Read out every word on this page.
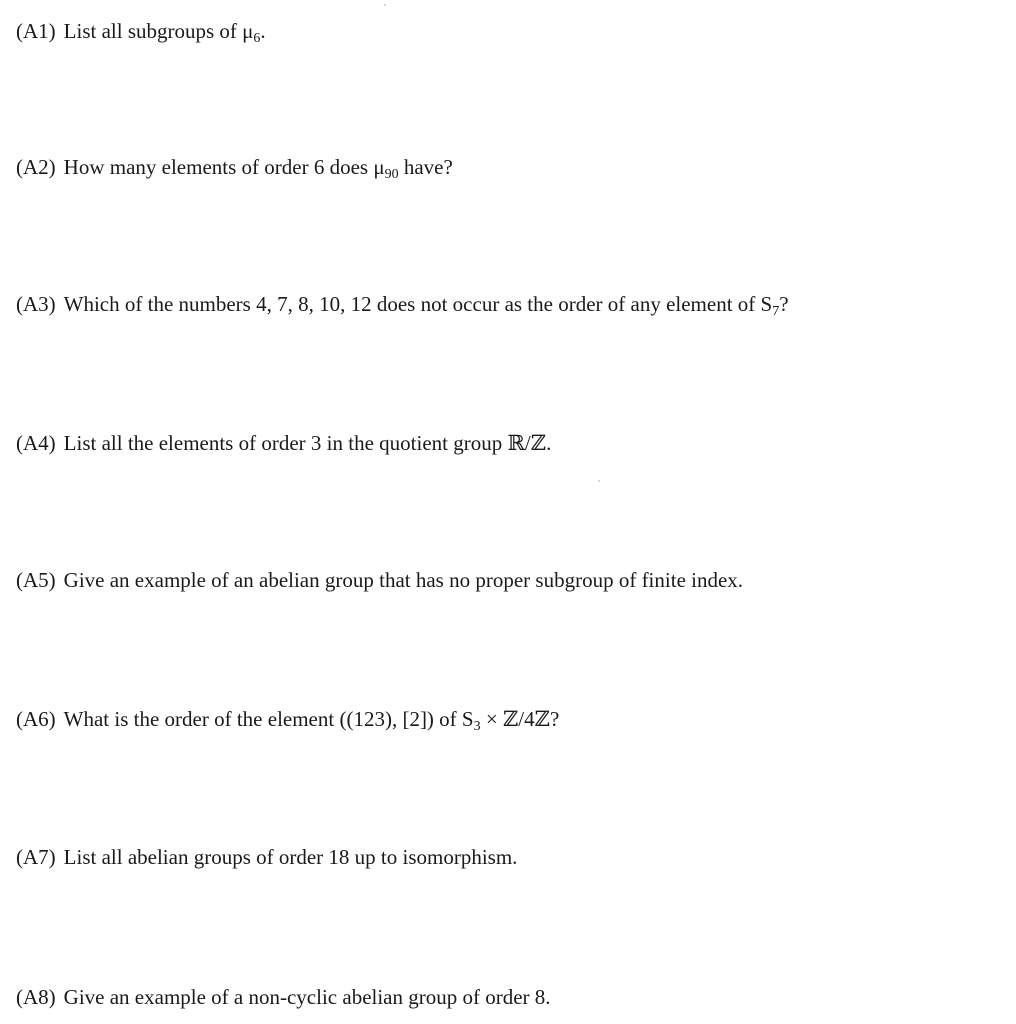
(A1) List all subgroups of $\mu_6$.
(A2) How many elements of order 6 does $\mu_{90}$ have?
(A3) Which of the numbers 4, 7, 8, 10, 12 does not occur as the order of any element of $S_7$?
(A4) List all the elements of order 3 in the quotient group ℝ/ℤ.
(A5) Give an example of an abelian group that has no proper subgroup of finite index.
(A6) What is the order of the element ((123), [2]) of $S_3$ × ℤ/4ℤ?
(A7) List all abelian groups of order 18 up to isomorphism.
(A8) Give an example of a non-cyclic abelian group of order 8.
